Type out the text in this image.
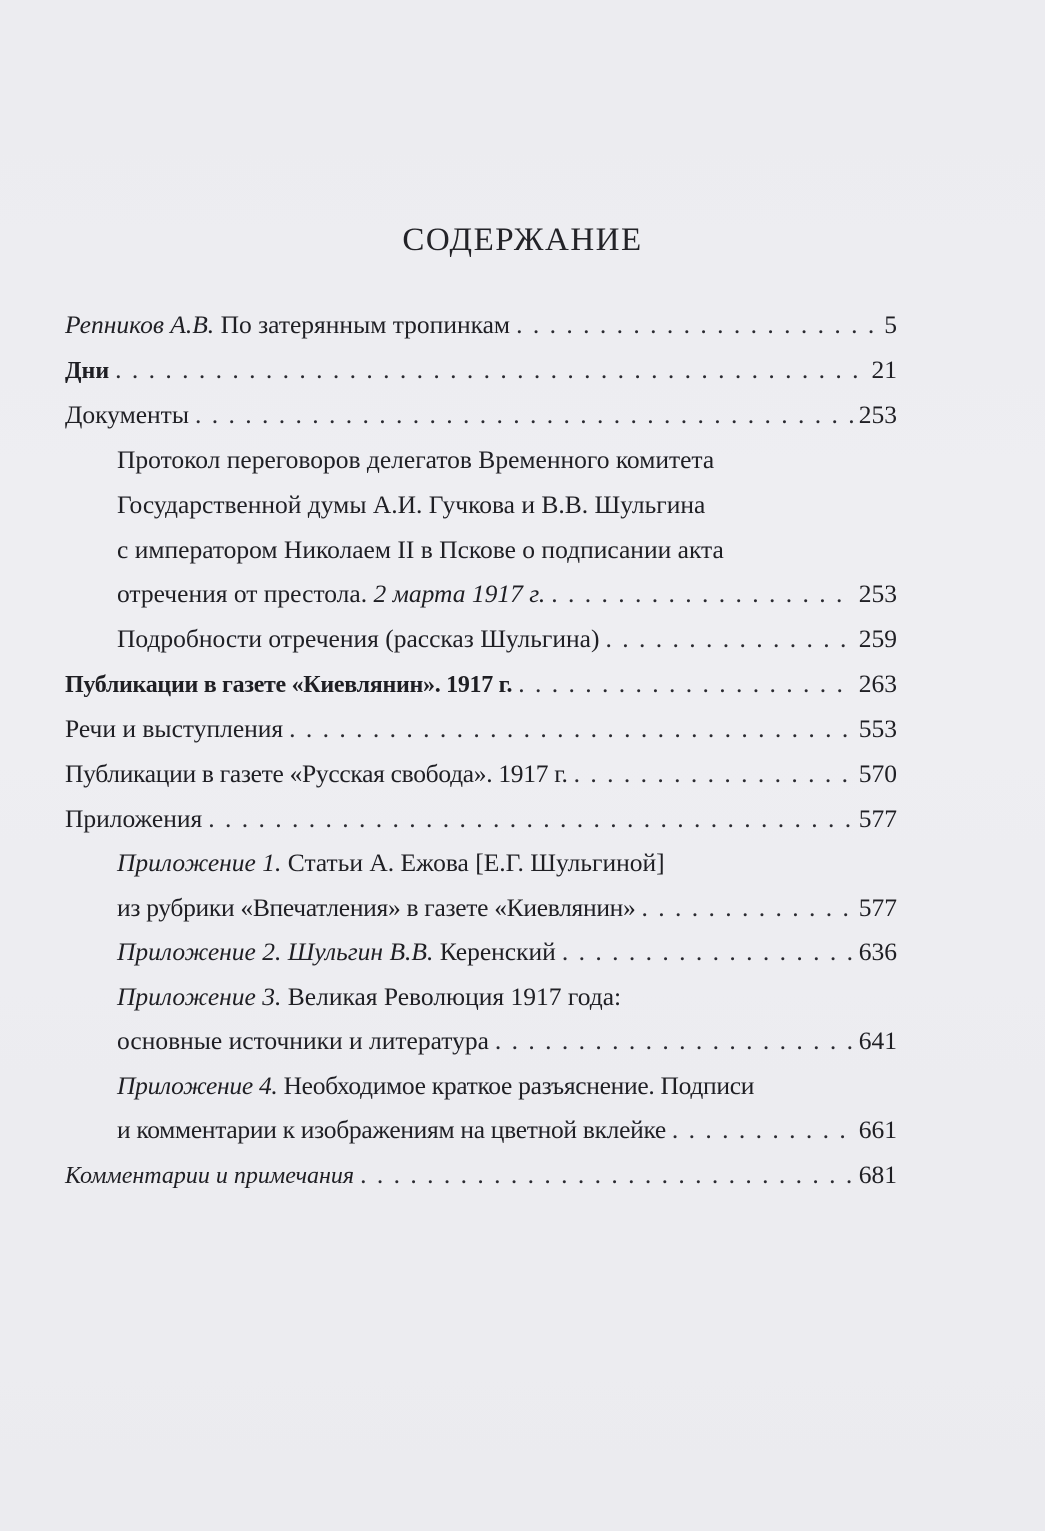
СОДЕРЖАНИЕ
Репников А.В. По затерянным тропинкам . . .	5
Дни . . .	21
Документы . . .	253
Протокол переговоров делегатов Временного комитета
Государственной думы А.И. Гучкова и В.В. Шульгина
с императором Николаем II в Пскове о подписании акта
отречения от престола. 2 марта 1917 г. . . .	253
Подробности отречения (рассказ Шульгина) . . .	259
Публикации в газете «Киевлянин». 1917 г. . . .	263
Речи и выступления . . .	553
Публикации в газете «Русская свобода». 1917 г. . . .	570
Приложения . . .	577
Приложение 1. Статьи А. Ежова [Е.Г. Шульгиной]
из рубрики «Впечатления» в газете «Киевлянин» . . .	577
Приложение 2. Шульгин В.В. Керенский . . .	636
Приложение 3. Великая Революция 1917 года:
основные источники и литература . . .	641
Приложение 4. Необходимое краткое разъяснение. Подписи
и комментарии к изображениям на цветной вклейке . . .	661
Комментарии и примечания . . .	681
